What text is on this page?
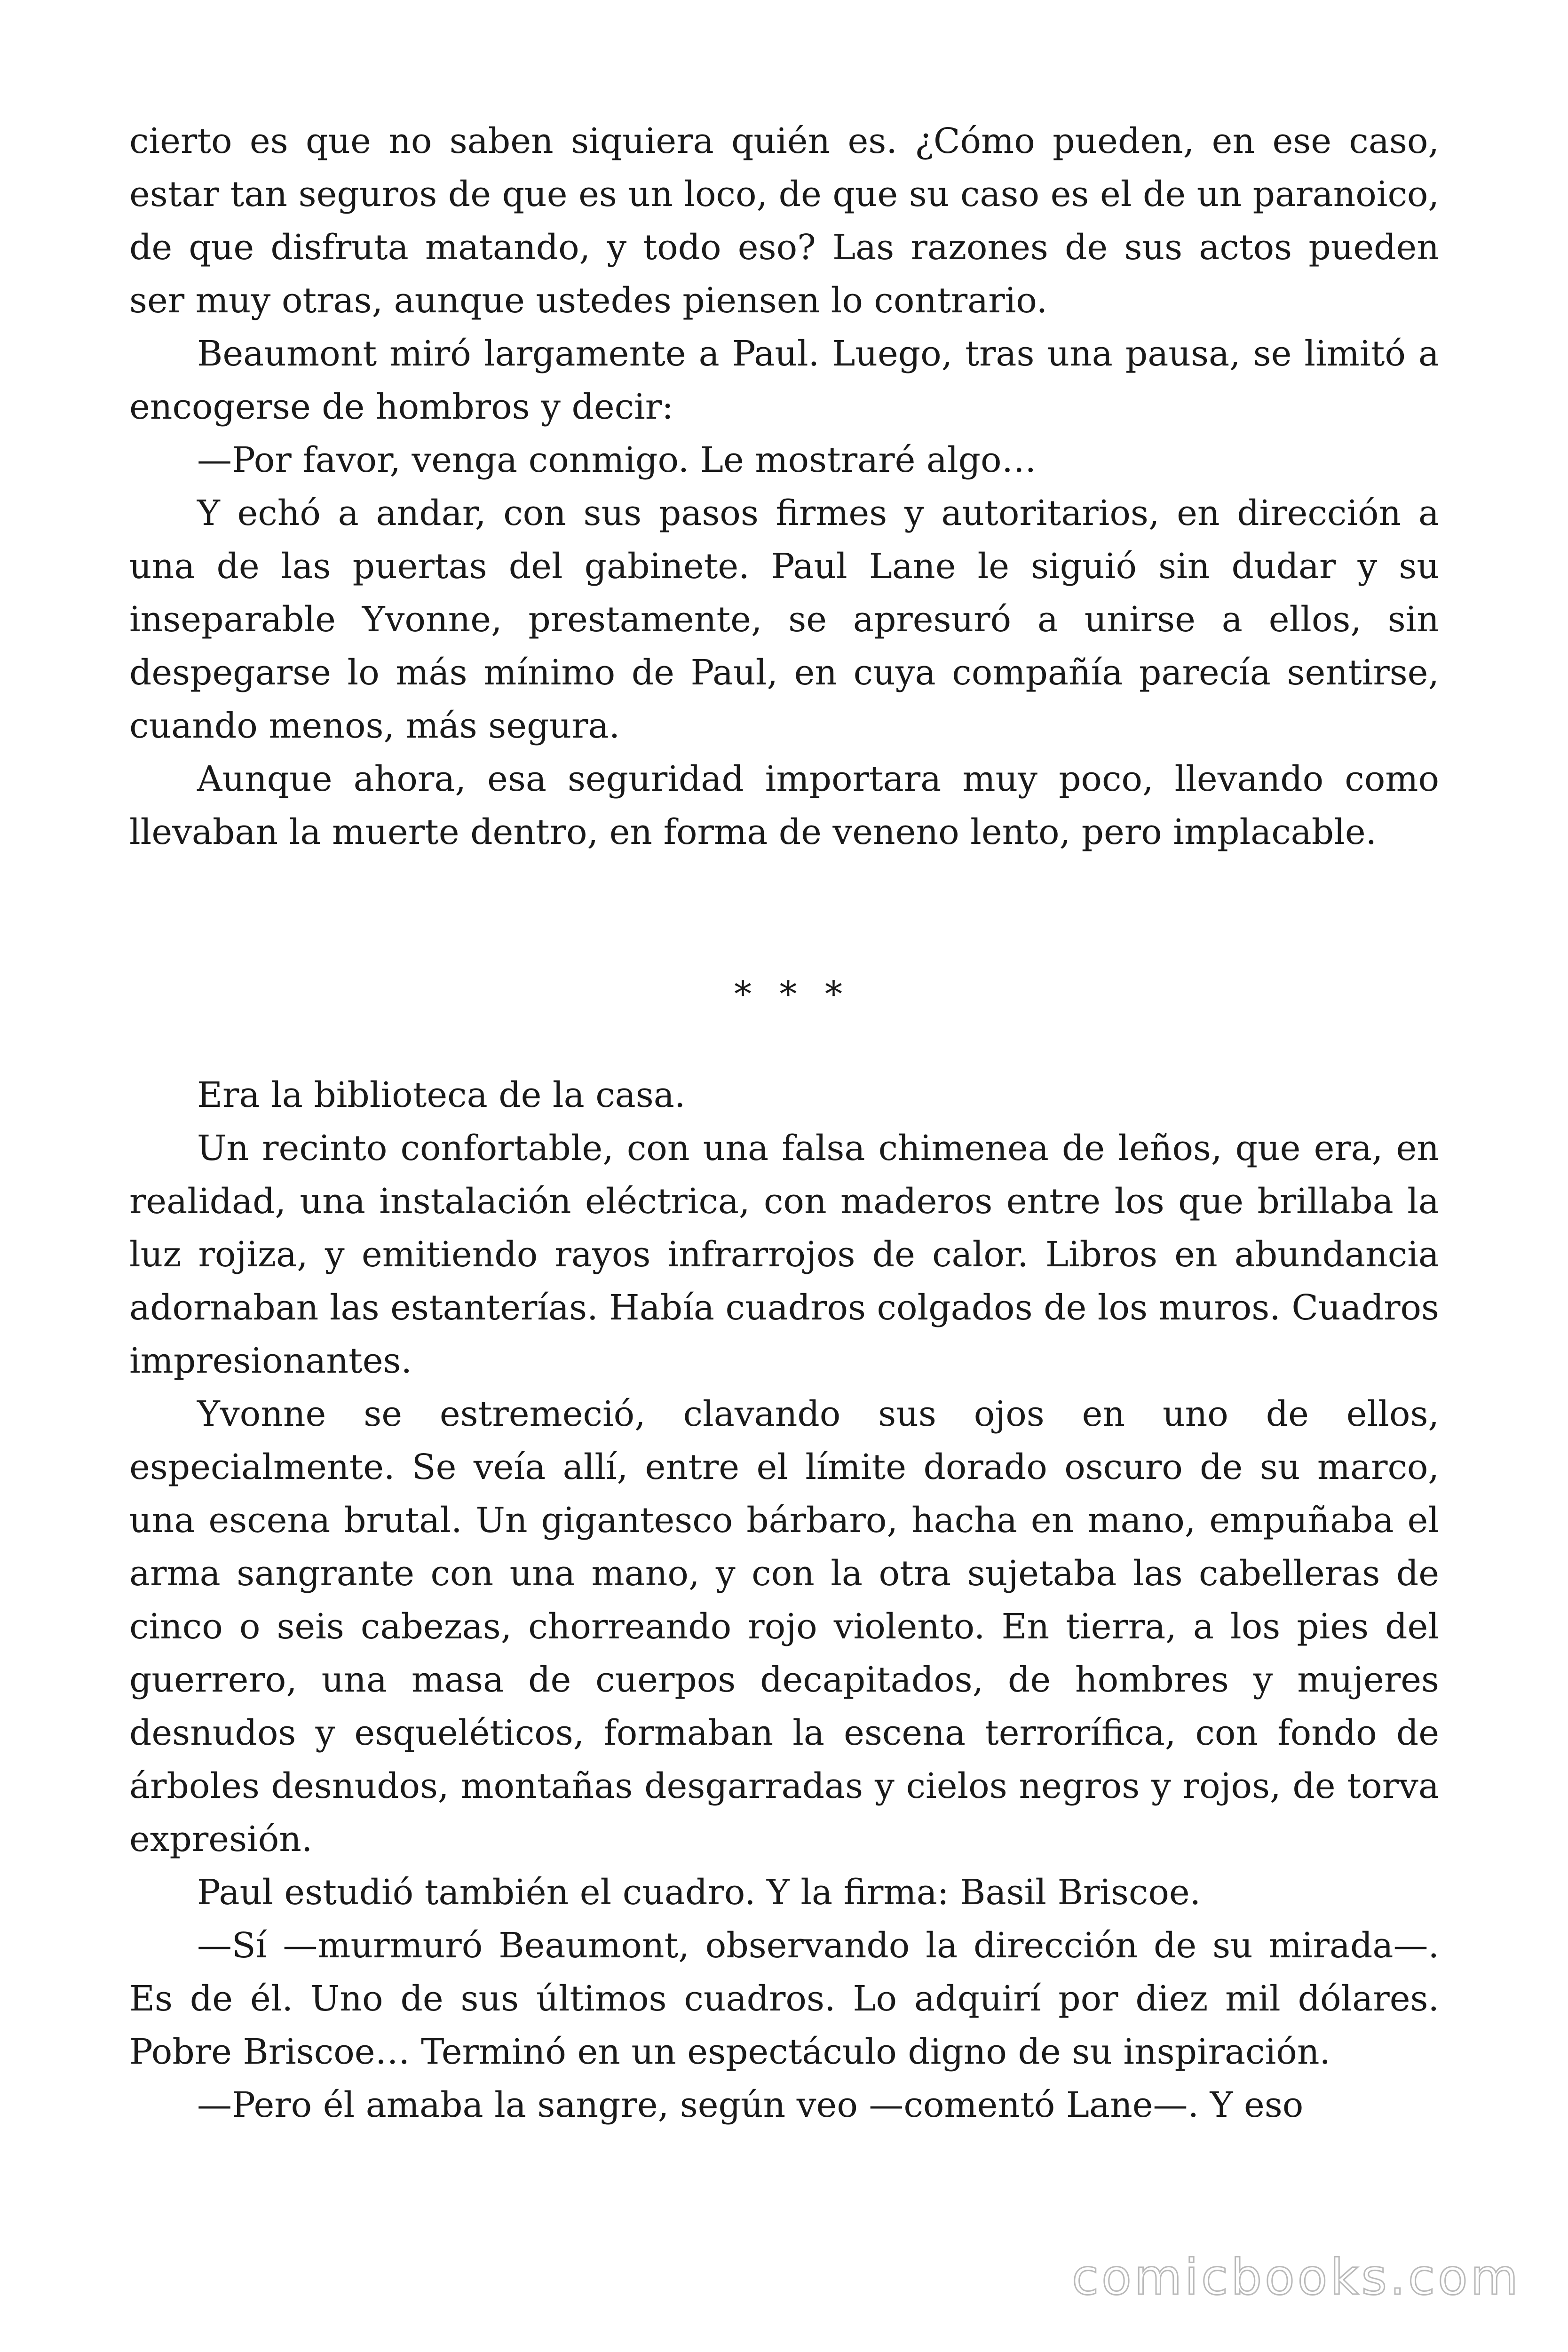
cierto es que no saben siquiera quién es. ¿Cómo pueden, en ese caso, estar tan seguros de que es un loco, de que su caso es el de un paranoico, de que disfruta matando, y todo eso? Las razones de sus actos pueden ser muy otras, aunque ustedes piensen lo contrario.

Beaumont miró largamente a Paul. Luego, tras una pausa, se limitó a encogerse de hombros y decir:

—Por favor, venga conmigo. Le mostraré algo…

Y echó a andar, con sus pasos firmes y autoritarios, en dirección a una de las puertas del gabinete. Paul Lane le siguió sin dudar y su inseparable Yvonne, prestamente, se apresuró a unirse a ellos, sin despegarse lo más mínimo de Paul, en cuya compañía parecía sentirse, cuando menos, más segura.

Aunque ahora, esa seguridad importara muy poco, llevando como llevaban la muerte dentro, en forma de veneno lento, pero implacable.

* * *

Era la biblioteca de la casa.

Un recinto confortable, con una falsa chimenea de leños, que era, en realidad, una instalación eléctrica, con maderos entre los que brillaba la luz rojiza, y emitiendo rayos infrarrojos de calor. Libros en abundancia adornaban las estanterías. Había cuadros colgados de los muros. Cuadros impresionantes.

Yvonne se estremeció, clavando sus ojos en uno de ellos, especialmente. Se veía allí, entre el límite dorado oscuro de su marco, una escena brutal. Un gigantesco bárbaro, hacha en mano, empuñaba el arma sangrante con una mano, y con la otra sujetaba las cabelleras de cinco o seis cabezas, chorreando rojo violento. En tierra, a los pies del guerrero, una masa de cuerpos decapitados, de hombres y mujeres desnudos y esqueléticos, formaban la escena terrorífica, con fondo de árboles desnudos, montañas desgarradas y cielos negros y rojos, de torva expresión.

Paul estudió también el cuadro. Y la firma: Basil Briscoe.

—Sí —murmuró Beaumont, observando la dirección de su mirada—. Es de él. Uno de sus últimos cuadros. Lo adquirí por diez mil dólares. Pobre Briscoe… Terminó en un espectáculo digno de su inspiración.

—Pero él amaba la sangre, según veo —comentó Lane—. Y eso

comicbooks.com
